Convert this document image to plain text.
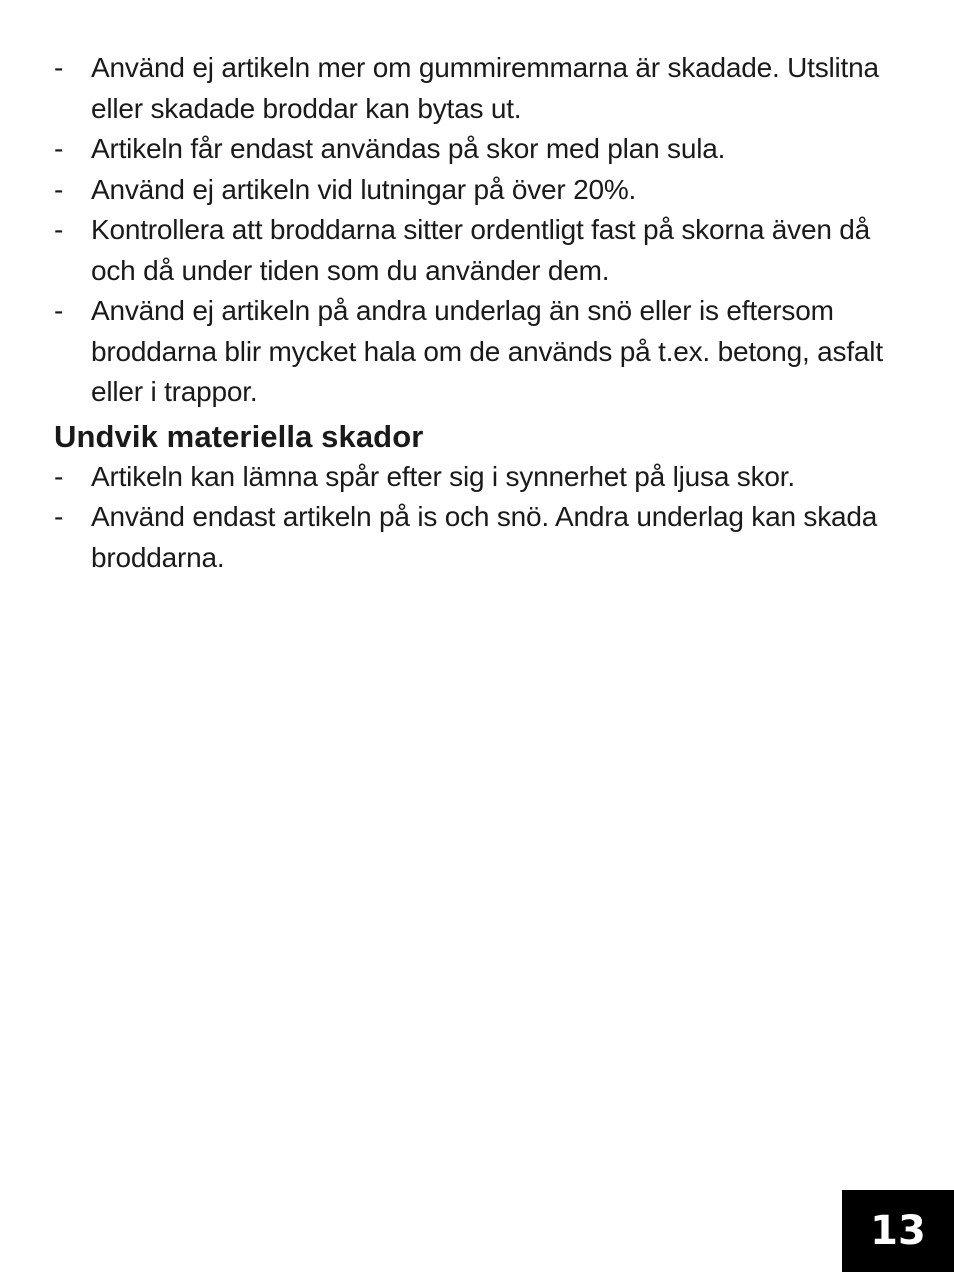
- Använd ej artikeln mer om gummiremmarna är skadade. Utslitna eller skadade broddar kan bytas ut.
- Artikeln får endast användas på skor med plan sula.
- Använd ej artikeln vid lutningar på över 20%.
- Kontrollera att broddarna sitter ordentligt fast på skorna även då och då under tiden som du använder dem.
- Använd ej artikeln på andra underlag än snö eller is eftersom broddarna blir mycket hala om de används på t.ex. betong, asfalt eller i trappor.
Undvik materiella skador
- Artikeln kan lämna spår efter sig i synnerhet på ljusa skor.
- Använd endast artikeln på is och snö. Andra underlag kan skada broddarna.
13
